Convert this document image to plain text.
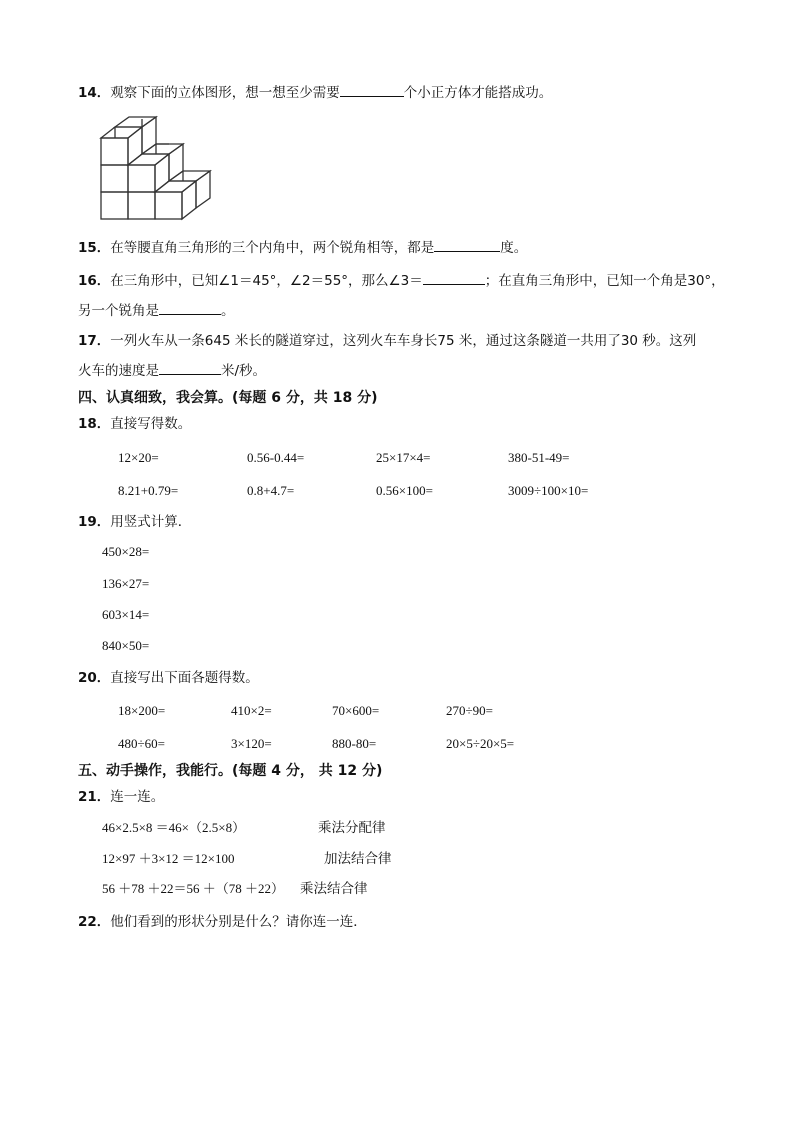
14．观察下面的立体图形，想一想至少需要	个小正方体才能搭成功。
15．在等腰直角三角形的三个内角中，两个锐角相等，都是	度。
16．在三角形中，已知∠1＝45°，∠2＝55°，那么∠3＝	；在直角三角形中，已知一个角是30°，
另一个锐角是	。
17．一列火车从一条645 米长的隧道穿过，这列火车车身长75 米，通过这条隧道一共用了30 秒。这列
火车的速度是	米/秒。
四、认真细致，我会算。(每题 6 分，共 18 分)
18．直接写得数。
12×20=	0.56-0.44=	25×17×4=	380-51-49=
8.21+0.79=	0.8+4.7=	0.56×100=	3009÷100×10=
19．用竖式计算．
450×28=
136×27=
603×14=
840×50=
20．直接写出下面各题得数。
18×200=	410×2=	70×600=	270÷90=
480÷60=	3×120=	880-80=	20×5÷20×5=
五、动手操作，我能行。(每题 4 分， 共 12 分)
21．连一连。
46×2.5×8 ＝46×（2.5×8）
12×97 ＋3×12 ＝12×100
56 ＋78 ＋22＝56 ＋（78 ＋22）
乘法分配律
加法结合律
乘法结合律
22．他们看到的形状分别是什么？请你连一连．
